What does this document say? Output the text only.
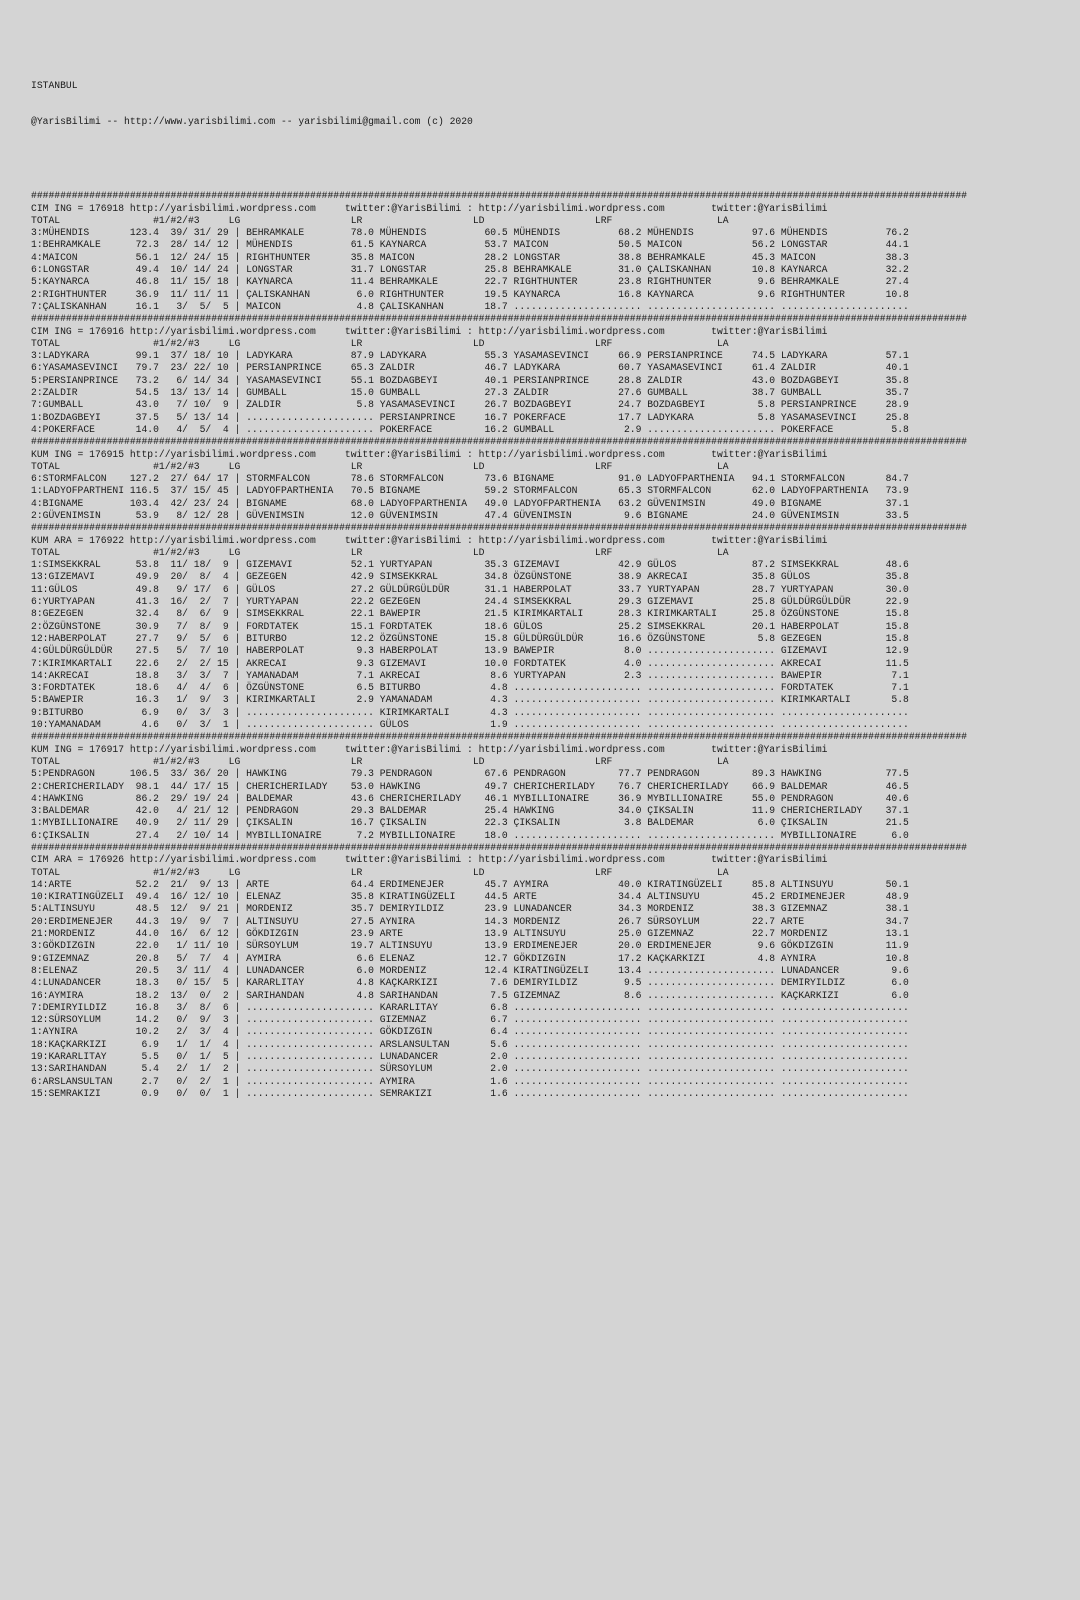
ISTANBUL

@YarisBilimi -- http://www.yarisbilimi.com -- yarisbilimi@gmail.com (c) 2020

#################################################################################################################################################################
CIM ING = 176918 http://yarisbilimi.wordpress.com     twitter:@YarisBilimi : http://yarisbilimi.wordpress.com        twitter:@YarisBilimi
TOTAL                #1/#2/#3     LG                   LR                   LD                   LRF                  LA
3:MÜHENDIS       123.4  39/ 31/ 29 | BEHRAMKALE        78.0 MÜHENDIS          60.5 MÜHENDIS          68.2 MÜHENDIS          97.6 MÜHENDIS          76.2
1:BEHRAMKALE      72.3  28/ 14/ 12 | MÜHENDIS          61.5 KAYNARCA          53.7 MAICON            50.5 MAICON            56.2 LONGSTAR          44.1
4:MAICON          56.1  12/ 24/ 15 | RIGHTHUNTER       35.8 MAICON            28.2 LONGSTAR          38.8 BEHRAMKALE        45.3 MAICON            38.3
6:LONGSTAR        49.4  10/ 14/ 24 | LONGSTAR          31.7 LONGSTAR          25.8 BEHRAMKALE        31.0 ÇALISKANHAN       10.8 KAYNARCA          32.2
5:KAYNARCA        46.8  11/ 15/ 18 | KAYNARCA          11.4 BEHRAMKALE        22.7 RIGHTHUNTER       23.8 RIGHTHUNTER        9.6 BEHRAMKALE        27.4
2:RIGHTHUNTER     36.9  11/ 11/ 11 | ÇALISKANHAN        6.0 RIGHTHUNTER       19.5 KAYNARCA          16.8 KAYNARCA           9.6 RIGHTHUNTER       10.8
7:ÇALISKANHAN     16.1   3/  5/  5 | MAICON             4.8 ÇALISKANHAN       18.7 ...................... ...................... ......................
#################################################################################################################################################################
CIM ING = 176916 http://yarisbilimi.wordpress.com     twitter:@YarisBilimi : http://yarisbilimi.wordpress.com        twitter:@YarisBilimi
TOTAL                #1/#2/#3     LG                   LR                   LD                   LRF                  LA
3:LADYKARA        99.1  37/ 18/ 10 | LADYKARA          87.9 LADYKARA          55.3 YASAMASEVINCI     66.9 PERSIANPRINCE     74.5 LADYKARA          57.1
6:YASAMASEVINCI   79.7  23/ 22/ 10 | PERSIANPRINCE     65.3 ZALDIR            46.7 LADYKARA          60.7 YASAMASEVINCI     61.4 ZALDIR            40.1
5:PERSIANPRINCE   73.2   6/ 14/ 34 | YASAMASEVINCI     55.1 BOZDAGBEYI        40.1 PERSIANPRINCE     28.8 ZALDIR            43.0 BOZDAGBEYI        35.8
2:ZALDIR          54.5  13/ 13/ 14 | GUMBALL           15.0 GUMBALL           27.3 ZALDIR            27.6 GUMBALL           38.7 GUMBALL           35.7
7:GUMBALL         43.0   7/ 10/  9 | ZALDIR             5.8 YASAMASEVINCI     26.7 BOZDAGBEYI        24.7 BOZDAGBEYI         5.8 PERSIANPRINCE     28.9
1:BOZDAGBEYI      37.5   5/ 13/ 14 | ...................... PERSIANPRINCE     16.7 POKERFACE         17.7 LADYKARA           5.8 YASAMASEVINCI     25.8
4:POKERFACE       14.0   4/  5/  4 | ...................... POKERFACE         16.2 GUMBALL            2.9 ...................... POKERFACE          5.8
#################################################################################################################################################################
KUM ING = 176915 http://yarisbilimi.wordpress.com     twitter:@YarisBilimi : http://yarisbilimi.wordpress.com        twitter:@YarisBilimi
TOTAL                #1/#2/#3     LG                   LR                   LD                   LRF                  LA
6:STORMFALCON    127.2  27/ 64/ 17 | STORMFALCON       78.6 STORMFALCON       73.6 BIGNAME           91.0 LADYOFPARTHENIA   94.1 STORMFALCON       84.7
1:LADYOFPARTHENI 116.5  37/ 15/ 45 | LADYOFPARTHENIA   70.5 BIGNAME           59.2 STORMFALCON       65.3 STORMFALCON       62.0 LADYOFPARTHENIA   73.9
4:BIGNAME        103.4  42/ 23/ 24 | BIGNAME           68.0 LADYOFPARTHENIA   49.0 LADYOFPARTHENIA   63.2 GÜVENIMSIN        49.0 BIGNAME           37.1
2:GÜVENIMSIN      53.9   8/ 12/ 28 | GÜVENIMSIN        12.0 GÜVENIMSIN        47.4 GÜVENIMSIN         9.6 BIGNAME           24.0 GÜVENIMSIN        33.5
#################################################################################################################################################################
KUM ARA = 176922 http://yarisbilimi.wordpress.com     twitter:@YarisBilimi : http://yarisbilimi.wordpress.com        twitter:@YarisBilimi
TOTAL                #1/#2/#3     LG                   LR                   LD                   LRF                  LA
1:SIMSEKKRAL      53.8  11/ 18/  9 | GIZEMAVI          52.1 YURTYAPAN         35.3 GIZEMAVI          42.9 GÜLOS             87.2 SIMSEKKRAL        48.6
13:GIZEMAVI       49.9  20/  8/  4 | GEZEGEN           42.9 SIMSEKKRAL        34.8 ÖZGÜNSTONE        38.9 AKRECAI           35.8 GÜLOS             35.8
11:GÜLOS          49.8   9/ 17/  6 | GÜLOS             27.2 GÜLDÜRGÜLDÜR      31.1 HABERPOLAT        33.7 YURTYAPAN         28.7 YURTYAPAN         30.0
6:YURTYAPAN       41.3  16/  2/  7 | YURTYAPAN         22.2 GEZEGEN           24.4 SIMSEKKRAL        29.3 GIZEMAVI          25.8 GÜLDÜRGÜLDÜR      22.9
8:GEZEGEN         32.4   8/  6/  9 | SIMSEKKRAL        22.1 BAWEPIR           21.5 KIRIMKARTALI      28.3 KIRIMKARTALI      25.8 ÖZGÜNSTONE        15.8
2:ÖZGÜNSTONE      30.9   7/  8/  9 | FORDTATEK         15.1 FORDTATEK         18.6 GÜLOS             25.2 SIMSEKKRAL        20.1 HABERPOLAT        15.8
12:HABERPOLAT     27.7   9/  5/  6 | BITURBO           12.2 ÖZGÜNSTONE        15.8 GÜLDÜRGÜLDÜR      16.6 ÖZGÜNSTONE         5.8 GEZEGEN           15.8
4:GÜLDÜRGÜLDÜR    27.5   5/  7/ 10 | HABERPOLAT         9.3 HABERPOLAT        13.9 BAWEPIR            8.0 ...................... GIZEMAVI          12.9
7:KIRIMKARTALI    22.6   2/  2/ 15 | AKRECAI            9.3 GIZEMAVI          10.0 FORDTATEK          4.0 ...................... AKRECAI           11.5
14:AKRECAI        18.8   3/  3/  7 | YAMANADAM          7.1 AKRECAI            8.6 YURTYAPAN          2.3 ...................... BAWEPIR            7.1
3:FORDTATEK       18.6   4/  4/  6 | ÖZGÜNSTONE         6.5 BITURBO            4.8 ...................... ...................... FORDTATEK          7.1
5:BAWEPIR         16.3   1/  9/  3 | KIRIMKARTALI       2.9 YAMANADAM          4.3 ...................... ...................... KIRIMKARTALI       5.8
9:BITURBO          6.9   0/  3/  3 | ...................... KIRIMKARTALI       4.3 ...................... ...................... ......................
10:YAMANADAM       4.6   0/  3/  1 | ...................... GÜLOS              1.9 ...................... ...................... ......................
#################################################################################################################################################################
KUM ING = 176917 http://yarisbilimi.wordpress.com     twitter:@YarisBilimi : http://yarisbilimi.wordpress.com        twitter:@YarisBilimi
TOTAL                #1/#2/#3     LG                   LR                   LD                   LRF                  LA
5:PENDRAGON      106.5  33/ 36/ 20 | HAWKING           79.3 PENDRAGON         67.6 PENDRAGON         77.7 PENDRAGON         89.3 HAWKING           77.5
2:CHERICHERILADY  98.1  44/ 17/ 15 | CHERICHERILADY    53.0 HAWKING           49.7 CHERICHERILADY    76.7 CHERICHERILADY    66.9 BALDEMAR          46.5
4:HAWKING         86.2  29/ 19/ 24 | BALDEMAR          43.6 CHERICHERILADY    46.1 MYBILLIONAIRE     36.9 MYBILLIONAIRE     55.0 PENDRAGON         40.6
3:BALDEMAR        42.0   4/ 21/ 12 | PENDRAGON         29.3 BALDEMAR          25.4 HAWKING           34.0 ÇIKSALIN          11.9 CHERICHERILADY    37.1
1:MYBILLIONAIRE   40.9   2/ 11/ 29 | ÇIKSALIN          16.7 ÇIKSALIN          22.3 ÇIKSALIN           3.8 BALDEMAR           6.0 ÇIKSALIN          21.5
6:ÇIKSALIN        27.4   2/ 10/ 14 | MYBILLIONAIRE      7.2 MYBILLIONAIRE     18.0 ...................... ...................... MYBILLIONAIRE      6.0
#################################################################################################################################################################
CIM ARA = 176926 http://yarisbilimi.wordpress.com     twitter:@YarisBilimi : http://yarisbilimi.wordpress.com        twitter:@YarisBilimi
TOTAL                #1/#2/#3     LG                   LR                   LD                   LRF                  LA
14:ARTE           52.2  21/  9/ 13 | ARTE              64.4 ERDIMENEJER       45.7 AYMIRA            40.0 KIRATINGÜZELI     85.8 ALTINSUYU         50.1
10:KIRATINGÜZELI  49.4  16/ 12/ 10 | ELENAZ            35.8 KIRATINGÜZELI     44.5 ARTE              34.4 ALTINSUYU         45.2 ERDIMENEJER       48.9
5:ALTINSUYU       48.5  12/  9/ 21 | MORDENIZ          35.7 DEMIRYILDIZ       23.9 LUNADANCER        34.3 MORDENIZ          38.3 GIZEMNAZ          38.1
20:ERDIMENEJER    44.3  19/  9/  7 | ALTINSUYU         27.5 AYNIRA            14.3 MORDENIZ          26.7 SÜRSOYLUM         22.7 ARTE              34.7
21:MORDENIZ       44.0  16/  6/ 12 | GÖKDIZGIN         23.9 ARTE              13.9 ALTINSUYU         25.0 GIZEMNAZ          22.7 MORDENIZ          13.1
3:GÖKDIZGIN       22.0   1/ 11/ 10 | SÜRSOYLUM         19.7 ALTINSUYU         13.9 ERDIMENEJER       20.0 ERDIMENEJER        9.6 GÖKDIZGIN         11.9
9:GIZEMNAZ        20.8   5/  7/  4 | AYMIRA             6.6 ELENAZ            12.7 GÖKDIZGIN         17.2 KAÇKARKIZI         4.8 AYNIRA            10.8
8:ELENAZ          20.5   3/ 11/  4 | LUNADANCER         6.0 MORDENIZ          12.4 KIRATINGÜZELI     13.4 ...................... LUNADANCER         9.6
4:LUNADANCER      18.3   0/ 15/  5 | KARARLITAY         4.8 KAÇKARKIZI         7.6 DEMIRYILDIZ        9.5 ...................... DEMIRYILDIZ        6.0
16:AYMIRA         18.2  13/  0/  2 | SARIHANDAN         4.8 SARIHANDAN         7.5 GIZEMNAZ           8.6 ...................... KAÇKARKIZI         6.0
7:DEMIRYILDIZ     16.8   3/  8/  6 | ...................... KARARLITAY         6.8 ...................... ...................... ......................
12:SÜRSOYLUM      14.2   0/  9/  3 | ...................... GIZEMNAZ           6.7 ...................... ...................... ......................
1:AYNIRA          10.2   2/  3/  4 | ...................... GÖKDIZGIN          6.4 ...................... ...................... ......................
18:KAÇKARKIZI      6.9   1/  1/  4 | ...................... ARSLANSULTAN       5.6 ...................... ...................... ......................
19:KARARLITAY      5.5   0/  1/  5 | ...................... LUNADANCER         2.0 ...................... ...................... ......................
13:SARIHANDAN      5.4   2/  1/  2 | ...................... SÜRSOYLUM          2.0 ...................... ...................... ......................
6:ARSLANSULTAN     2.7   0/  2/  1 | ...................... AYMIRA             1.6 ...................... ...................... ......................
15:SEMRAKIZI       0.9   0/  0/  1 | ...................... SEMRAKIZI          1.6 ...................... ...................... ......................
